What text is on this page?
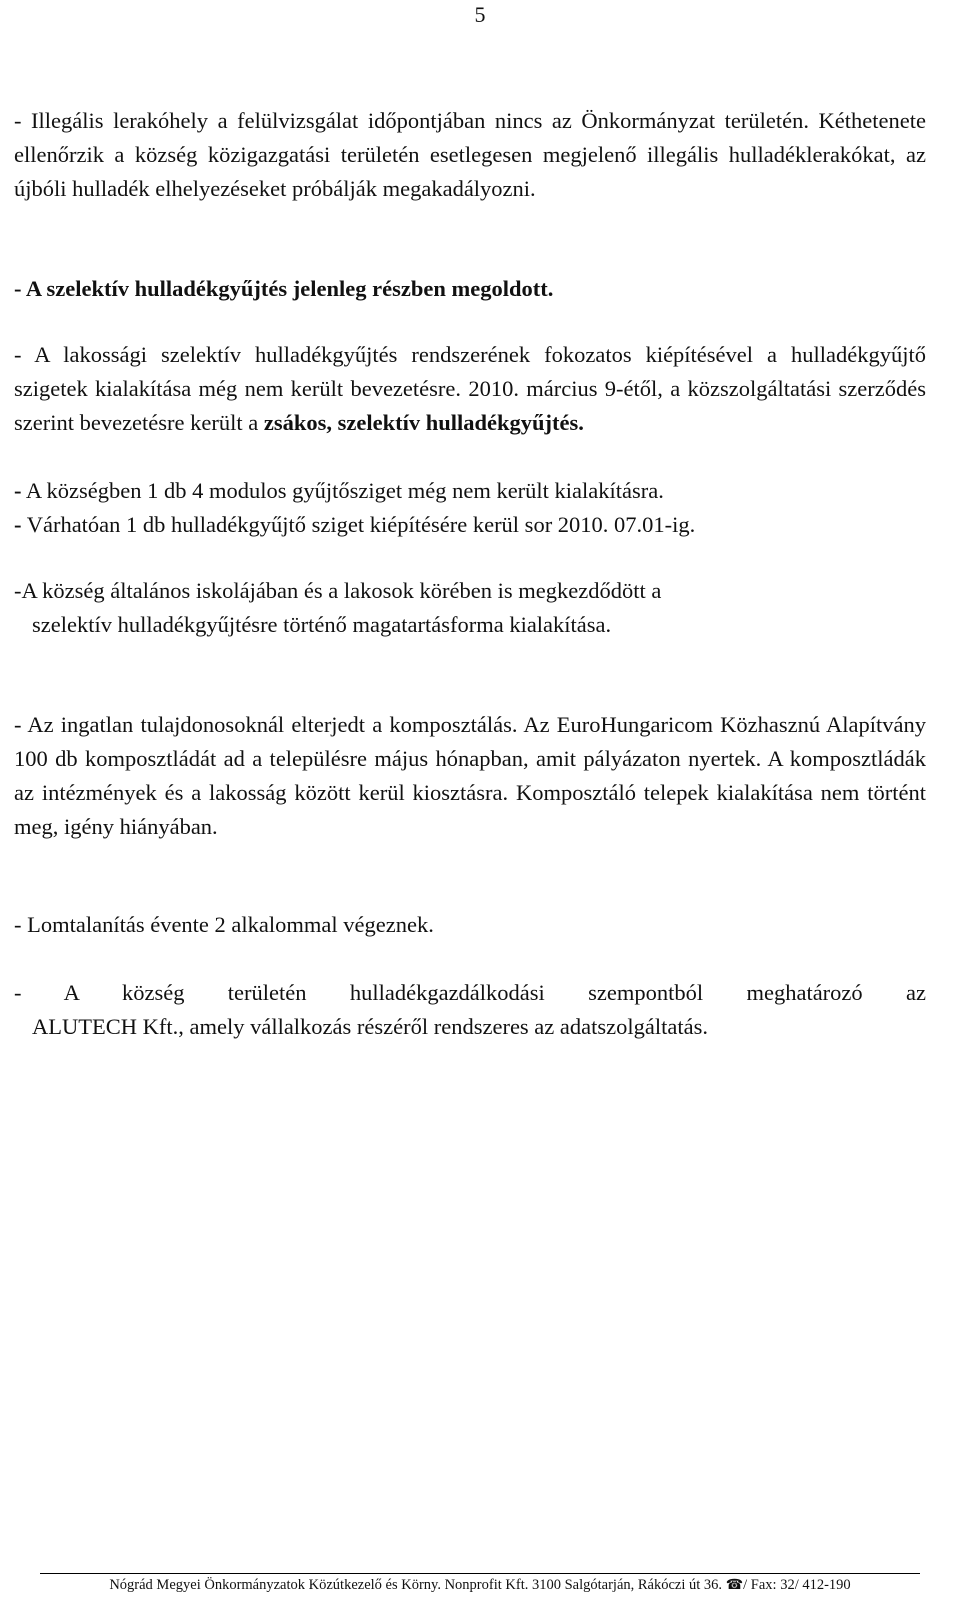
5

- Illegális lerakóhely a felülvizsgálat időpontjában nincs az Önkormányzat területén. Kéthetenete ellenőrzik a község közigazgatási területén esetlegesen megjelenő illegális hulladéklerakókat, az újbóli hulladék elhelyezéseket próbálják megakadályozni.

- A szelektív hulladékgyűjtés jelenleg részben megoldott.

- A lakossági szelektív hulladékgyűjtés rendszerének fokozatos kiépítésével a hulladékgyűjtő szigetek kialakítása még nem került bevezetésre. 2010. március 9-étől, a közszolgáltatási szerződés szerint bevezetésre került a zsákos, szelektív hulladékgyűjtés.

- A községben 1 db 4 modulos gyűjtősziget még nem került kialakításra.

- Várhatóan 1 db hulladékgyűjtő sziget kiépítésére kerül sor 2010. 07.01-ig.

-A község általános iskolájában és a lakosok körében is megkezdődött a
szelektív hulladékgyűjtésre történő magatartásforma kialakítása.

- Az ingatlan tulajdonosoknál elterjedt a komposztálás. Az EuroHungaricom Közhasznú Alapítvány 100 db komposztládát ad a településre május hónapban, amit pályázaton nyertek. A komposztládák az intézmények és a lakosság között kerül kiosztásra. Komposztáló telepek kialakítása nem történt meg, igény hiányában.

- Lomtalanítás évente 2 alkalommal végeznek.

- A község területén hulladékgazdálkodási szempontból meghatározó az
ALUTECH Kft., amely vállalkozás részéről rendszeres az adatszolgáltatás.
Nógrád Megyei Önkormányzatok Közútkezelő és Körny. Nonprofit Kft. 3100 Salgótarján, Rákóczi út 36. ☎/ Fax: 32/ 412-190
